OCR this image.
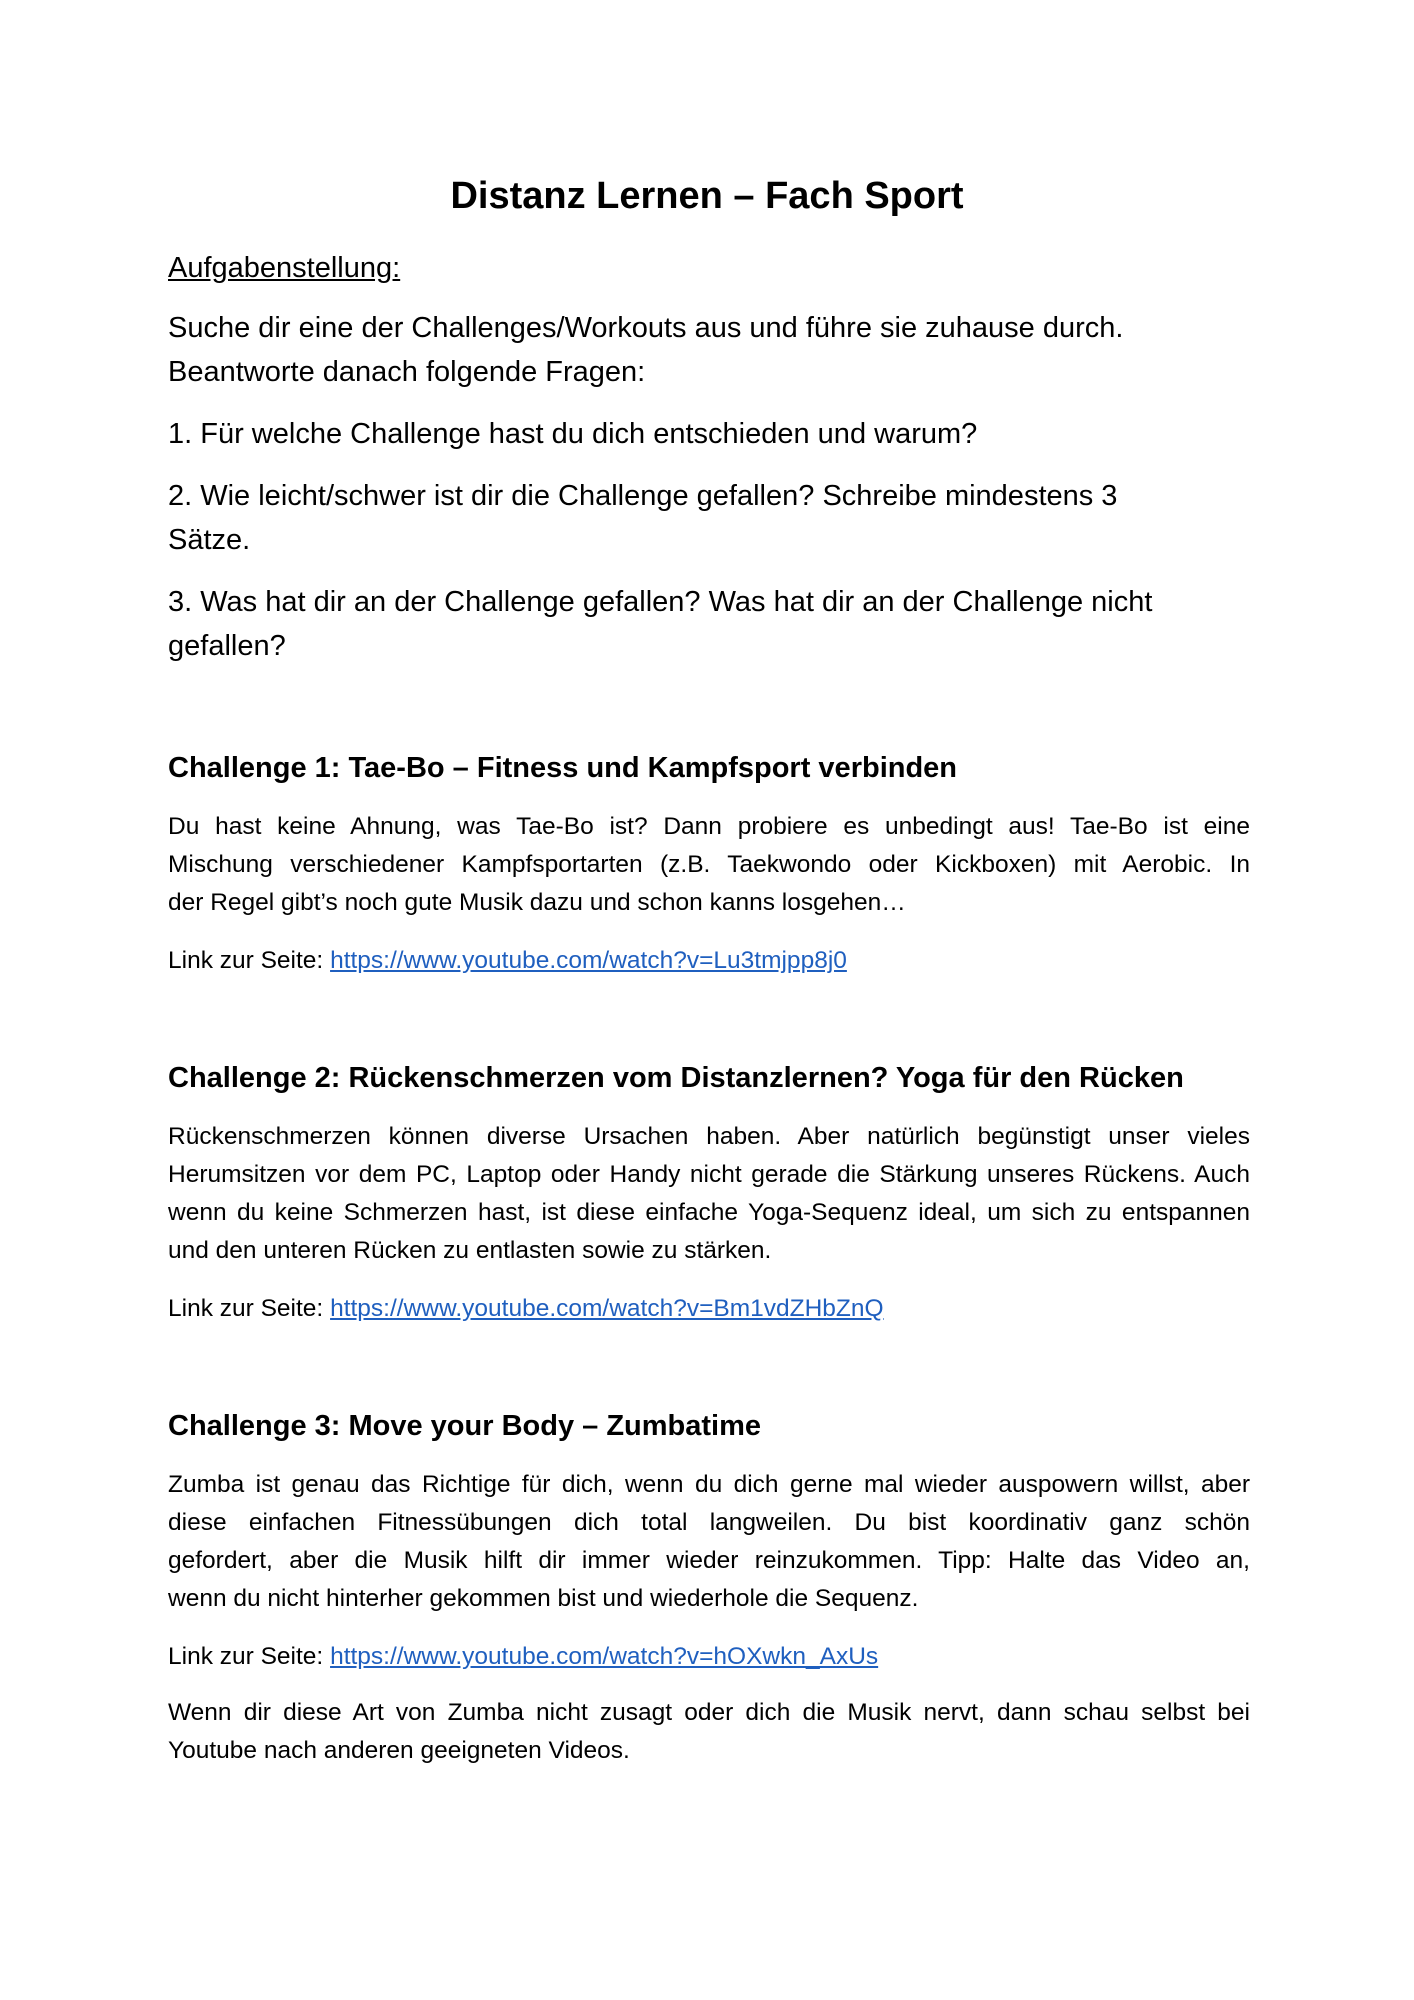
Distanz Lernen – Fach Sport
Aufgabenstellung:
Suche dir eine der Challenges/Workouts aus und führe sie zuhause durch.
Beantworte danach folgende Fragen:
1. Für welche Challenge hast du dich entschieden und warum?
2. Wie leicht/schwer ist dir die Challenge gefallen? Schreibe mindestens 3
Sätze.
3. Was hat dir an der Challenge gefallen? Was hat dir an der Challenge nicht
gefallen?
Challenge 1: Tae-Bo – Fitness und Kampfsport verbinden
Du hast keine Ahnung, was Tae-Bo ist? Dann probiere es unbedingt aus! Tae-Bo ist eine
Mischung verschiedener Kampfsportarten (z.B. Taekwondo oder Kickboxen) mit Aerobic. In
der Regel gibt’s noch gute Musik dazu und schon kanns losgehen…
Link zur Seite: https://www.youtube.com/watch?v=Lu3tmjpp8j0
Challenge 2: Rückenschmerzen vom Distanzlernen? Yoga für den Rücken
Rückenschmerzen können diverse Ursachen haben. Aber natürlich begünstigt unser vieles
Herumsitzen vor dem PC, Laptop oder Handy nicht gerade die Stärkung unseres Rückens. Auch
wenn du keine Schmerzen hast, ist diese einfache Yoga-Sequenz ideal, um sich zu entspannen
und den unteren Rücken zu entlasten sowie zu stärken.
Link zur Seite: https://www.youtube.com/watch?v=Bm1vdZHbZnQ
Challenge 3: Move your Body – Zumbatime
Zumba ist genau das Richtige für dich, wenn du dich gerne mal wieder auspowern willst, aber
diese einfachen Fitnessübungen dich total langweilen. Du bist koordinativ ganz schön
gefordert, aber die Musik hilft dir immer wieder reinzukommen. Tipp: Halte das Video an,
wenn du nicht hinterher gekommen bist und wiederhole die Sequenz.
Link zur Seite: https://www.youtube.com/watch?v=hOXwkn_AxUs
Wenn dir diese Art von Zumba nicht zusagt oder dich die Musik nervt, dann schau selbst bei
Youtube nach anderen geeigneten Videos.
